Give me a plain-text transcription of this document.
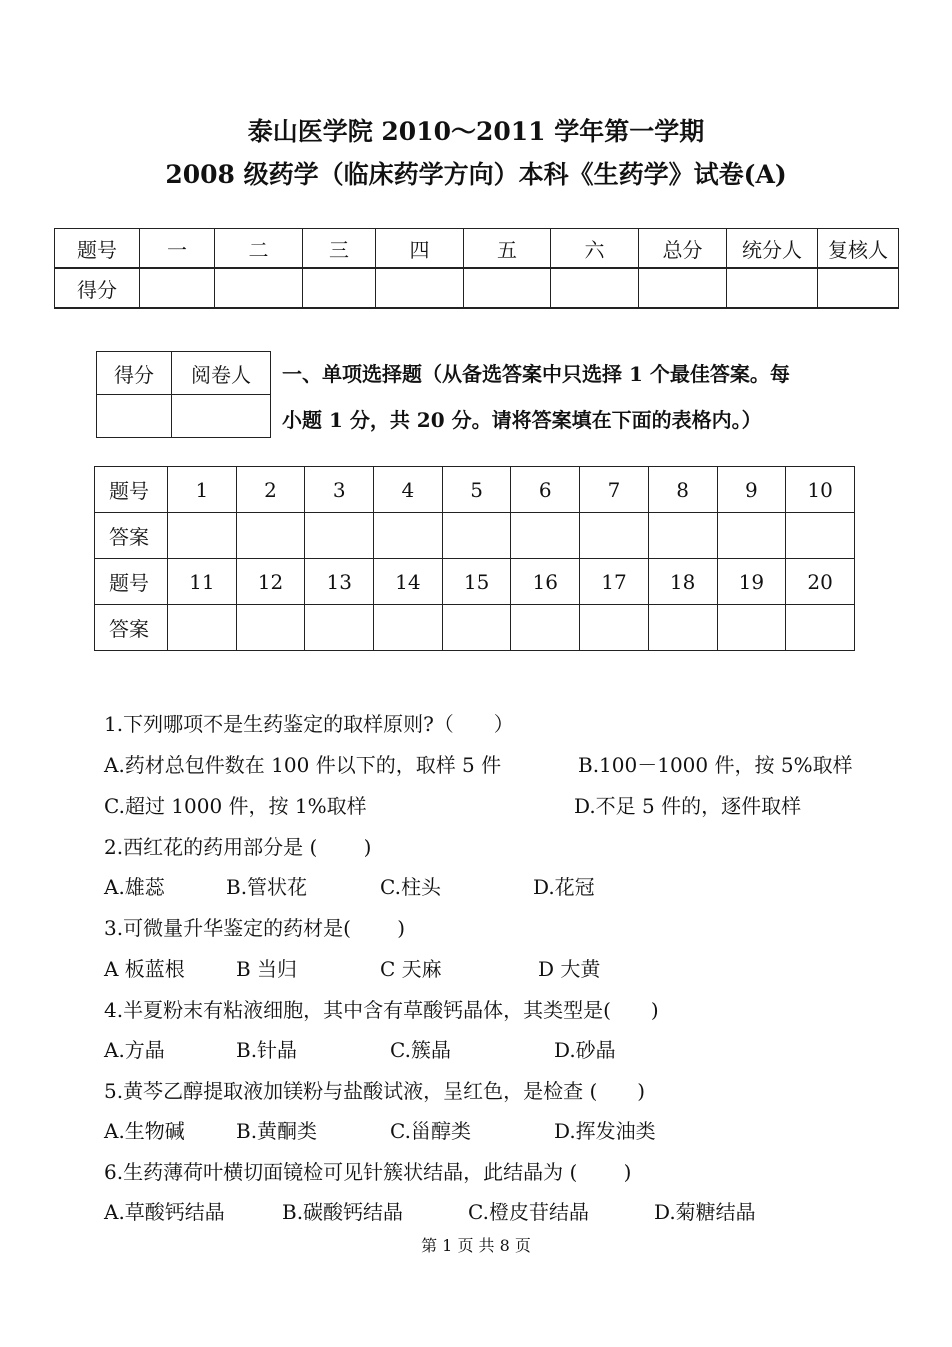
泰山医学院 2010～2011 学年第一学期
2008 级药学（临床药学方向）本科《生药学》试卷(A)
题号	一	二	三	四	五	六	总分	统分人	复核人
得分									
得分	阅卷人
	一、单项选择题（从备选答案中只选择 1 个最佳答案。每
小题 1 分，共 20 分。请将答案填在下面的表格内。）
题号	1	2	3	4	5	6	7	8	9	10
答案										
题号	11	12	13	14	15	16	17	18	19	20
答案										
1.下列哪项不是生药鉴定的取样原则?（　　）
A.药材总包件数在 100 件以下的，取样 5 件	B.100－1000 件，按 5%取样
C.超过 1000 件，按 1%取样	D.不足 5 件的，逐件取样
2.西红花的药用部分是 (　　 )
A.雄蕊	B.管状花	C.柱头	D.花冠
3.可微量升华鉴定的药材是(　　 )
A 板蓝根	B 当归	C 天麻	D 大黄
4.半夏粉末有粘液细胞，其中含有草酸钙晶体，其类型是(　　)
A.方晶	B.针晶	C.簇晶	D.砂晶
5.黄芩乙醇提取液加镁粉与盐酸试液，呈红色，是检查 (　　)
A.生物碱	B.黄酮类	C.甾醇类	D.挥发油类
6.生药薄荷叶横切面镜检可见针簇状结晶，此结晶为 (　　 )
A.草酸钙结晶	B.碳酸钙结晶	C.橙皮苷结晶	D.菊糖结晶
第 1 页 共 8 页
